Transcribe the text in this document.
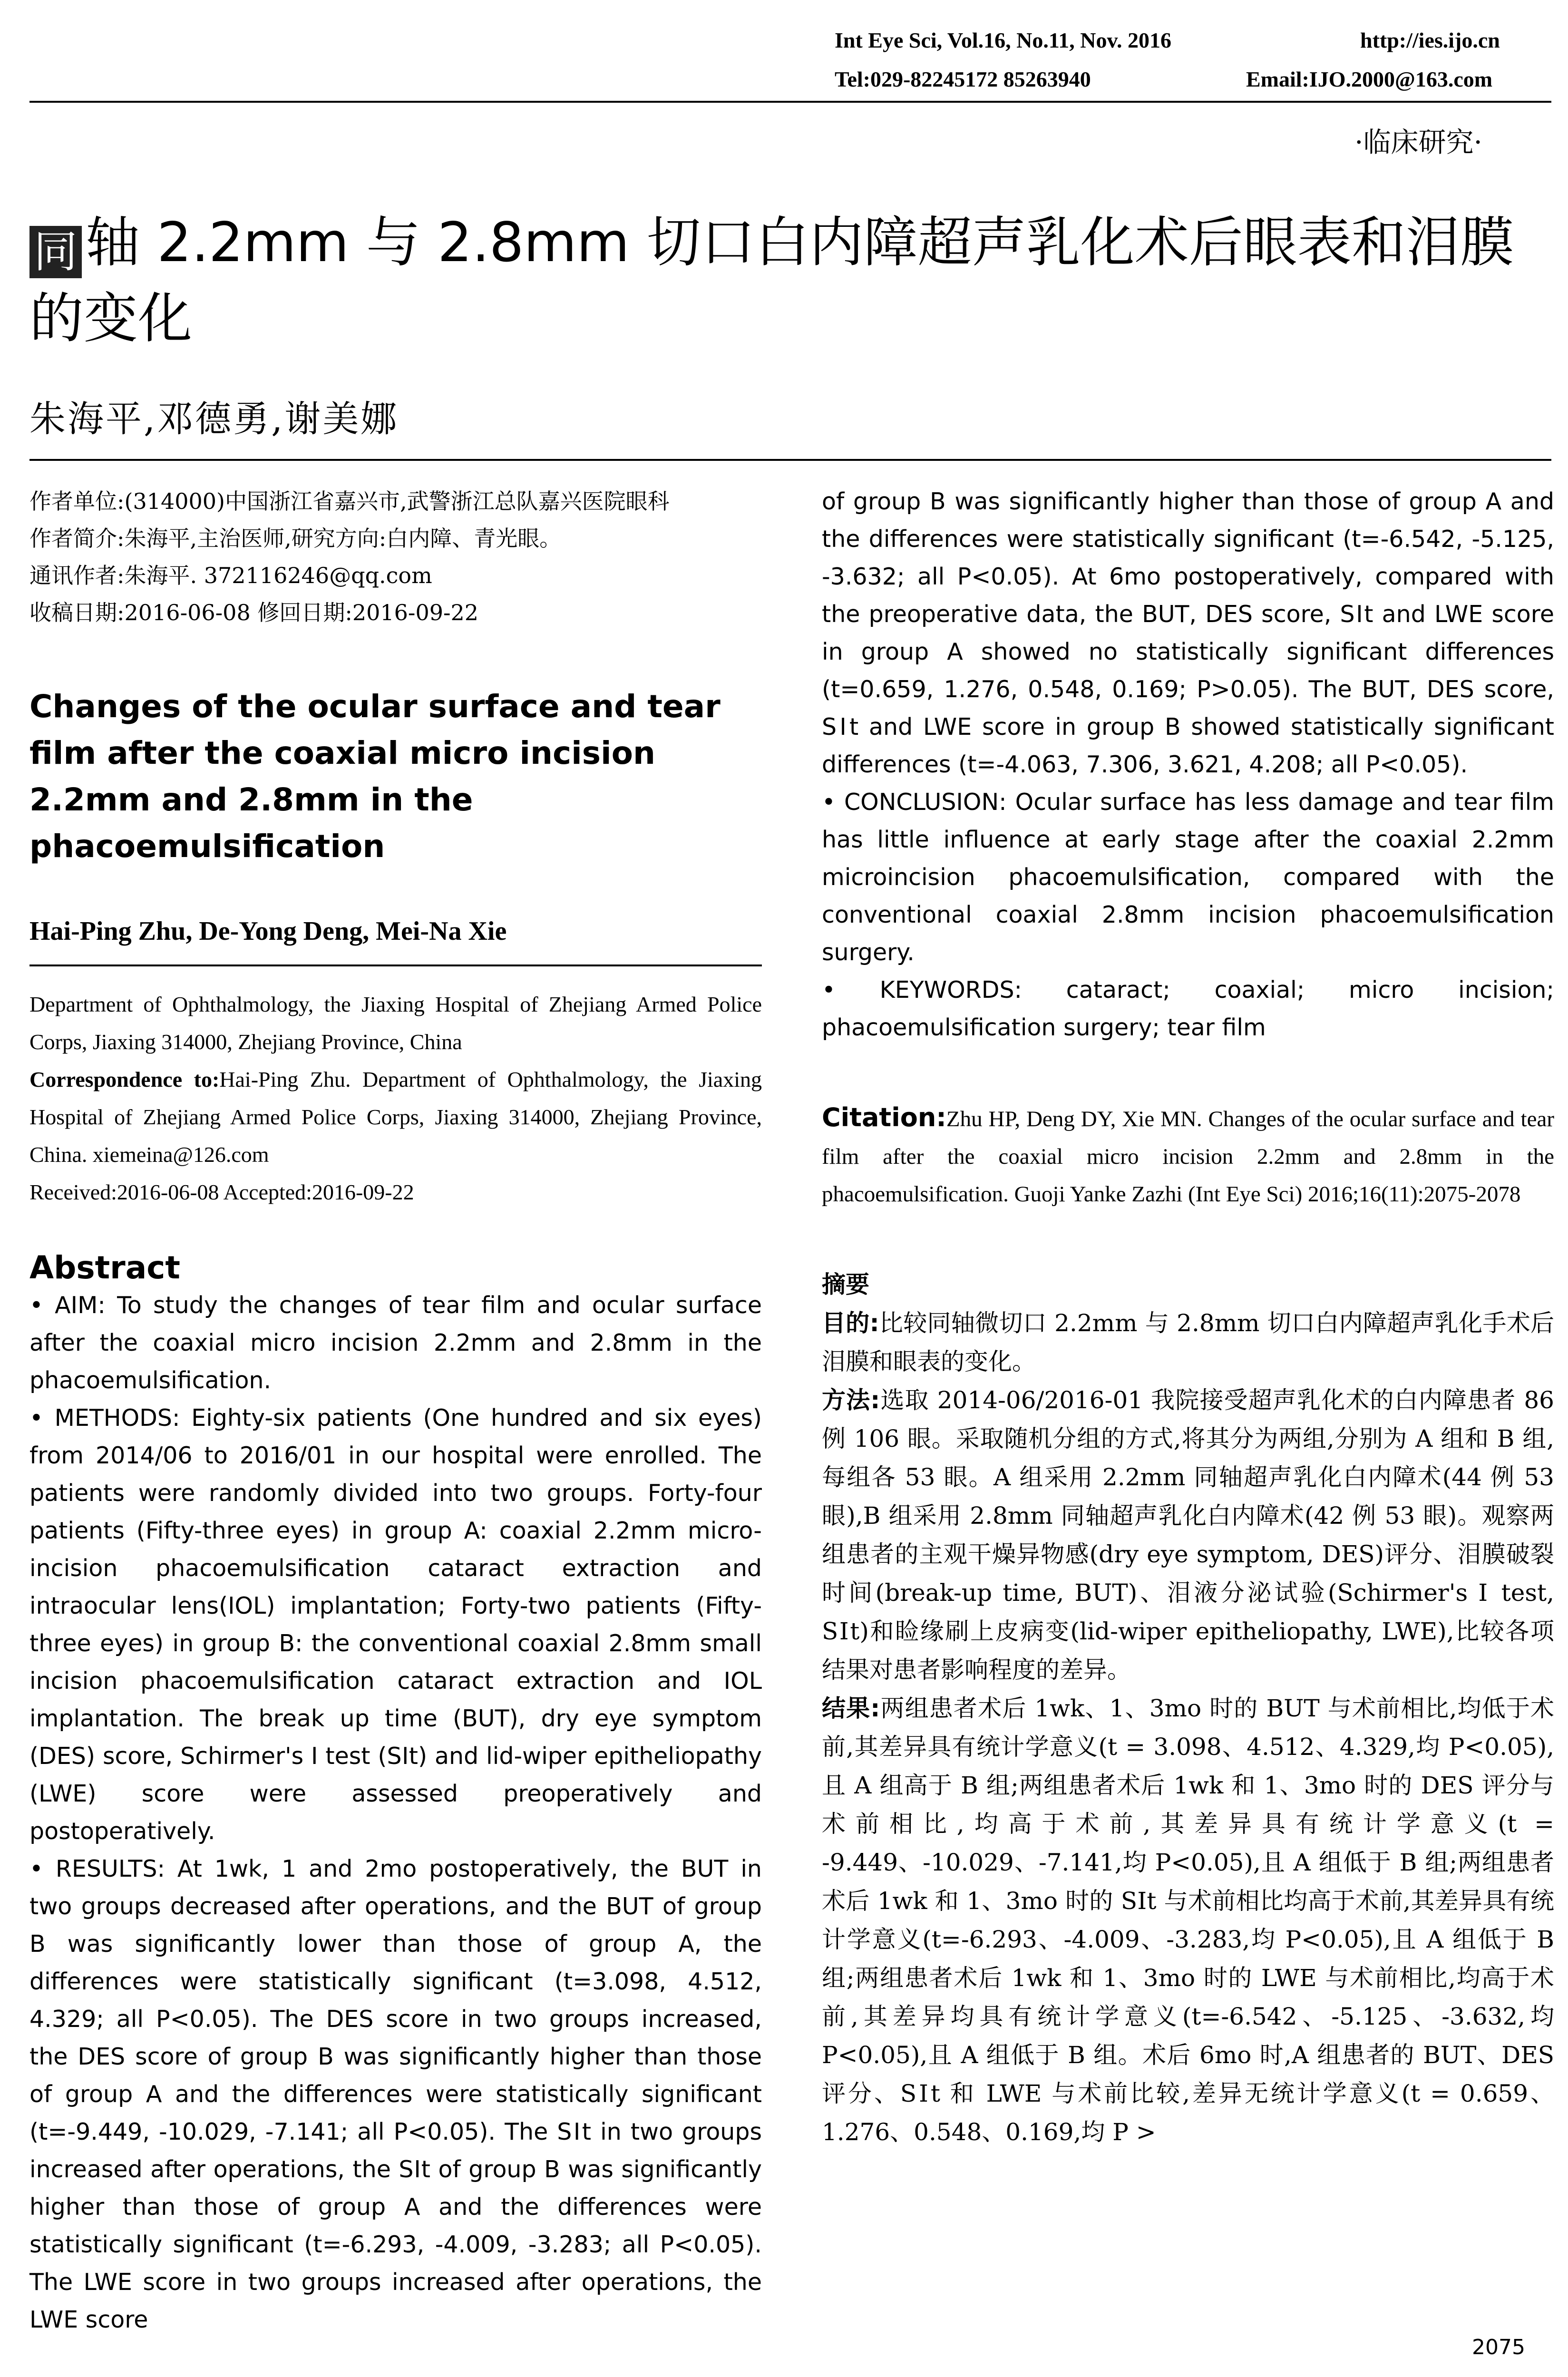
Int Eye Sci, Vol.16, No.11, Nov. 2016	http://ies.ijo.cn
Tel:029-82245172 85263940	Email:IJO.2000@163.com
·临床研究·
同 轴 2.2mm 与 2.8mm 切口白内障超声乳化术后眼表和泪膜的变化
朱海平,邓德勇,谢美娜

作者单位:(314000)中国浙江省嘉兴市,武警浙江总队嘉兴医院眼科

作者简介:朱海平,主治医师,研究方向:白内障、青光眼。

通讯作者:朱海平. 372116246@qq.com

收稿日期:2016-06-08 修回日期:2016-09-22

Changes of the ocular surface and tear film after the coaxial micro incision 2.2mm and 2.8mm in the phacoemulsification

Hai-Ping Zhu, De-Yong Deng, Mei-Na Xie

Department of Ophthalmology, the Jiaxing Hospital of Zhejiang Armed Police Corps, Jiaxing 314000, Zhejiang Province, China

Correspondence to:Hai-Ping Zhu. Department of Ophthalmology, the Jiaxing Hospital of Zhejiang Armed Police Corps, Jiaxing 314000, Zhejiang Province, China. xiemeina@126.com

Received:2016-06-08 Accepted:2016-09-22

Abstract

• AIM: To study the changes of tear film and ocular surface after the coaxial micro incision 2.2mm and 2.8mm in the phacoemulsification.

• METHODS: Eighty-six patients (One hundred and six eyes) from 2014/06 to 2016/01 in our hospital were enrolled. The patients were randomly divided into two groups. Forty-four patients (Fifty-three eyes) in group A: coaxial 2.2mm micro-incision phacoemulsification cataract extraction and intraocular lens(IOL) implantation; Forty-two patients (Fifty-three eyes) in group B: the conventional coaxial 2.8mm small incision phacoemulsification cataract extraction and IOL implantation. The break up time (BUT), dry eye symptom (DES) score, Schirmer's I test (SⅠt) and lid-wiper epitheliopathy (LWE) score were assessed preoperatively and postoperatively.

• RESULTS: At 1wk, 1 and 2mo postoperatively, the BUT in two groups decreased after operations, and the BUT of group B was significantly lower than those of group A, the differences were statistically significant (t=3.098, 4.512, 4.329; all P<0.05). The DES score in two groups increased, the DES score of group B was significantly higher than those of group A and the differences were statistically significant (t=-9.449, -10.029, -7.141; all P<0.05). The SⅠt in two groups increased after operations, the SⅠt of group B was significantly higher than those of group A and the differences were statistically significant (t=-6.293, -4.009, -3.283; all P<0.05). The LWE score in two groups increased after operations, the LWE score

of group B was significantly higher than those of group A and the differences were statistically significant (t=-6.542, -5.125, -3.632; all P<0.05). At 6mo postoperatively, compared with the preoperative data, the BUT, DES score, SⅠt and LWE score in group A showed no statistically significant differences (t=0.659, 1.276, 0.548, 0.169; P>0.05). The BUT, DES score, SⅠt and LWE score in group B showed statistically significant differences (t=-4.063, 7.306, 3.621, 4.208; all P<0.05).

• CONCLUSION: Ocular surface has less damage and tear film has little influence at early stage after the coaxial 2.2mm microincision phacoemulsification, compared with the conventional coaxial 2.8mm incision phacoemulsification surgery.

• KEYWORDS: cataract; coaxial; micro incision; phacoemulsification surgery; tear film

Citation:Zhu HP, Deng DY, Xie MN. Changes of the ocular surface and tear film after the coaxial micro incision 2.2mm and 2.8mm in the phacoemulsification. Guoji Yanke Zazhi (Int Eye Sci) 2016;16(11):2075-2078

摘要

目的:比较同轴微切口 2.2mm 与 2.8mm 切口白内障超声乳化手术后泪膜和眼表的变化。

方法:选取 2014-06/2016-01 我院接受超声乳化术的白内障患者 86 例 106 眼。采取随机分组的方式,将其分为两组,分别为 A 组和 B 组,每组各 53 眼。A 组采用 2.2mm 同轴超声乳化白内障术(44 例 53 眼),B 组采用 2.8mm 同轴超声乳化白内障术(42 例 53 眼)。观察两组患者的主观干燥异物感(dry eye symptom, DES)评分、泪膜破裂时间(break-up time, BUT)、泪液分泌试验(Schirmer's Ⅰ test, SⅠt)和睑缘刷上皮病变(lid-wiper epitheliopathy, LWE),比较各项结果对患者影响程度的差异。

结果:两组患者术后 1wk、1、3mo 时的 BUT 与术前相比,均低于术前,其差异具有统计学意义(t = 3.098、4.512、4.329,均 P<0.05),且 A 组高于 B 组;两组患者术后 1wk 和 1、3mo 时的 DES 评分与术前相比,均高于术前,其差异具有统计学意义(t = -9.449、-10.029、-7.141,均 P<0.05),且 A 组低于 B 组;两组患者术后 1wk 和 1、3mo 时的 SⅠt 与术前相比均高于术前,其差异具有统计学意义(t=-6.293、-4.009、-3.283,均 P<0.05),且 A 组低于 B 组;两组患者术后 1wk 和 1、3mo 时的 LWE 与术前相比,均高于术前,其差异均具有统计学意义(t=-6.542、-5.125、-3.632,均 P<0.05),且 A 组低于 B 组。术后 6mo 时,A 组患者的 BUT、DES 评分、SⅠt 和 LWE 与术前比较,差异无统计学意义(t = 0.659、1.276、0.548、0.169,均 P >

2075
